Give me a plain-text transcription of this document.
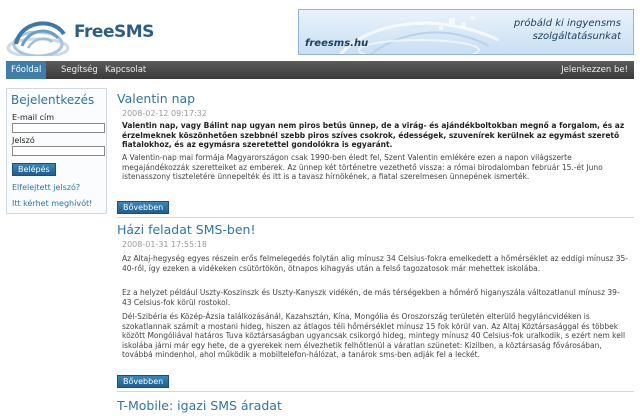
FreeSMS	próbáld ki ingyensms
szolgáltatásunkat
freesms.hu
Főoldal	Segítség Kapcsolat	Jelenkezzen be!
Bejelentkezés
E-mail cím
Jelszó
Belépés
Elfelejtett jelszó?
Itt kérhet meghívót!
Valentin nap
2008-02-12 09:17:32
Valentin nap, vagy Bálint nap ugyan nem piros betűs ünnep, de a virág- és ajándékboltokban megnő a forgalom, és az érzelmeknek köszönhetően szebbnél szebb piros szíves csokrok, édességek, szuvenírek kerülnek az egymást szerető fiatalokhoz, és az egymásra szeretettel gondolókra is egyaránt.
A Valentin-nap mai formája Magyarországon csak 1990-ben éledt fel, Szent Valentin emlékére ezen a napon világszerte megajándékozzák szeretteiket az emberek. Az ünnep két történetre vezethető vissza: a római birodalomban február 15.-ét Juno istenasszony tiszteletére ünnepelték és itt is a tavasz hírnökének, a fiatal szerelmesen ünnepének ismerték.
Bővebben
Házi feladat SMS-ben!
2008-01-31 17:55:18
Az Altaj-hegység egyes részein erős felmelegedés folytán alig mínusz 34 Celsius-fokra emelkedett a hőmérséklet az eddigi mínusz 35-40-ről, így ezeken a vidékeken csütörtökön, ötnapos kihagyás után a felső tagozatosok már mehettek iskolába.
Ez a helyzet például Uszty-Koszinszk és Uszty-Kanyszk vidékén, de más térségekben a hőmérő higanyszála változatlanul mínusz 39-43 Celsius-fok körül rostokol.
Dél-Szibéria és Közép-Ázsia találkozásánál, Kazahsztán, Kína, Mongólia és Oroszország területén elterülő hegyláncvidéken is szokatlannak számít a mostani hideg, hiszen az átlagos téli hőmérséklet mínusz 15 fok körül van. Az Altaj Köztársasággal és többek között Mongóliával határos Tuva köztársaságban ugyancsak csikorgó hideg, mintegy mínusz 40 Celsius-fok uralkodik, s ezért nem kell iskolába járni már egy hete, de a gyerekek nem élvezhetik felhőtlenül a váratlan szünetet: Kizilben, a köztársaság fővárosában, továbbá mindenhol, ahol működik a mobiltelefon-hálózat, a tanárok sms-ben adják fel a leckét.
Bővebben
T-Mobile: igazi SMS áradat
